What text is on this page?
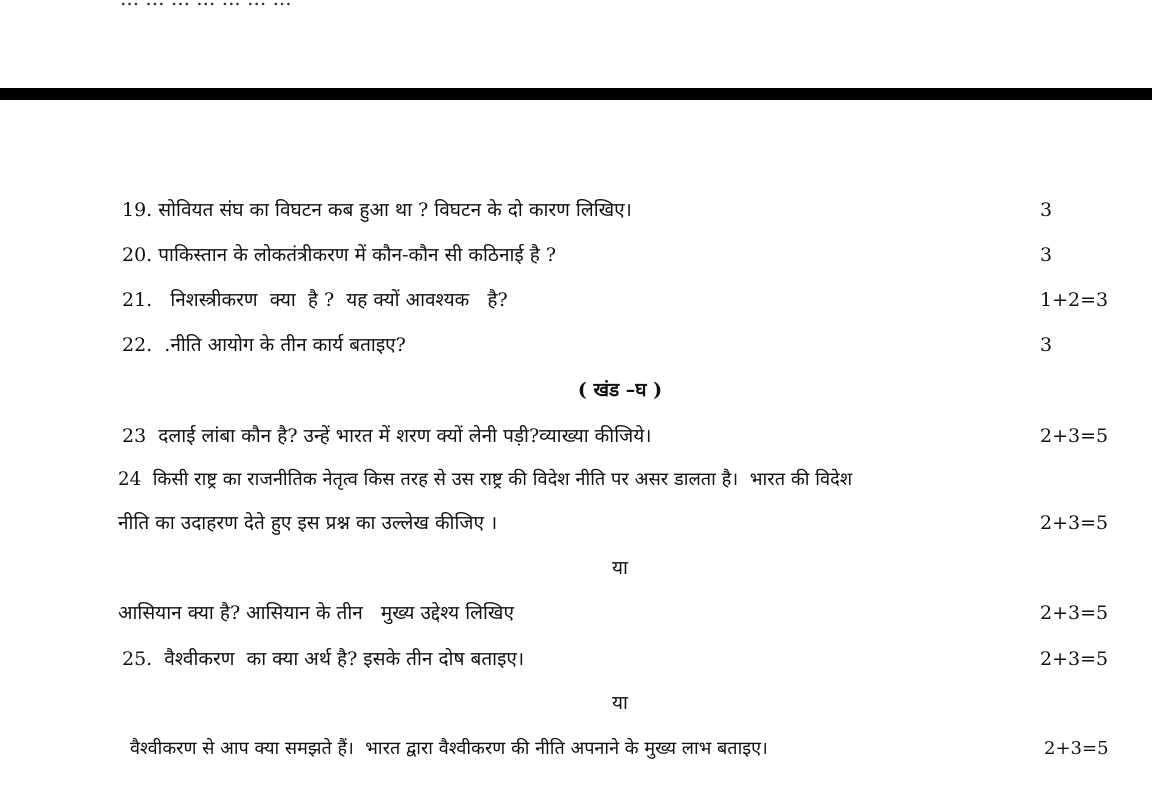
19. सोवियत संघ का विघटन कब हुआ था ? विघटन के दो कारण लिखिए।	3
20. पाकिस्तान के लोकतंत्रीकरण में कौन-कौन सी कठिनाई है ?	3
21.   निशस्त्रीकरण  क्या  है ?  यह क्यों आवश्यक   है?	1+2=3
22.  .नीति आयोग के तीन कार्य बताइए?	3
( खंड –घ )
23  दलाई लांबा कौन है? उन्हें भारत में शरण क्यों लेनी पड़ी?व्याख्या कीजिये।	2+3=5
24  किसी राष्ट्र का राजनीतिक नेतृत्व किस तरह से उस राष्ट्र की विदेश नीति पर असर डालता है।  भारत की विदेश
नीति का उदाहरण देते हुए इस प्रश्न का उल्लेख कीजिए ।	2+3=5
या
आसियान क्या है? आसियान के तीन   मुख्य उद्देश्य लिखिए	2+3=5
25.  वैश्वीकरण  का क्या अर्थ है? इसके तीन दोष बताइए।	2+3=5
या
वैश्वीकरण से आप क्या समझते हैं।  भारत द्वारा वैश्वीकरण की नीति अपनाने के मुख्य लाभ बताइए।	2+3=5
